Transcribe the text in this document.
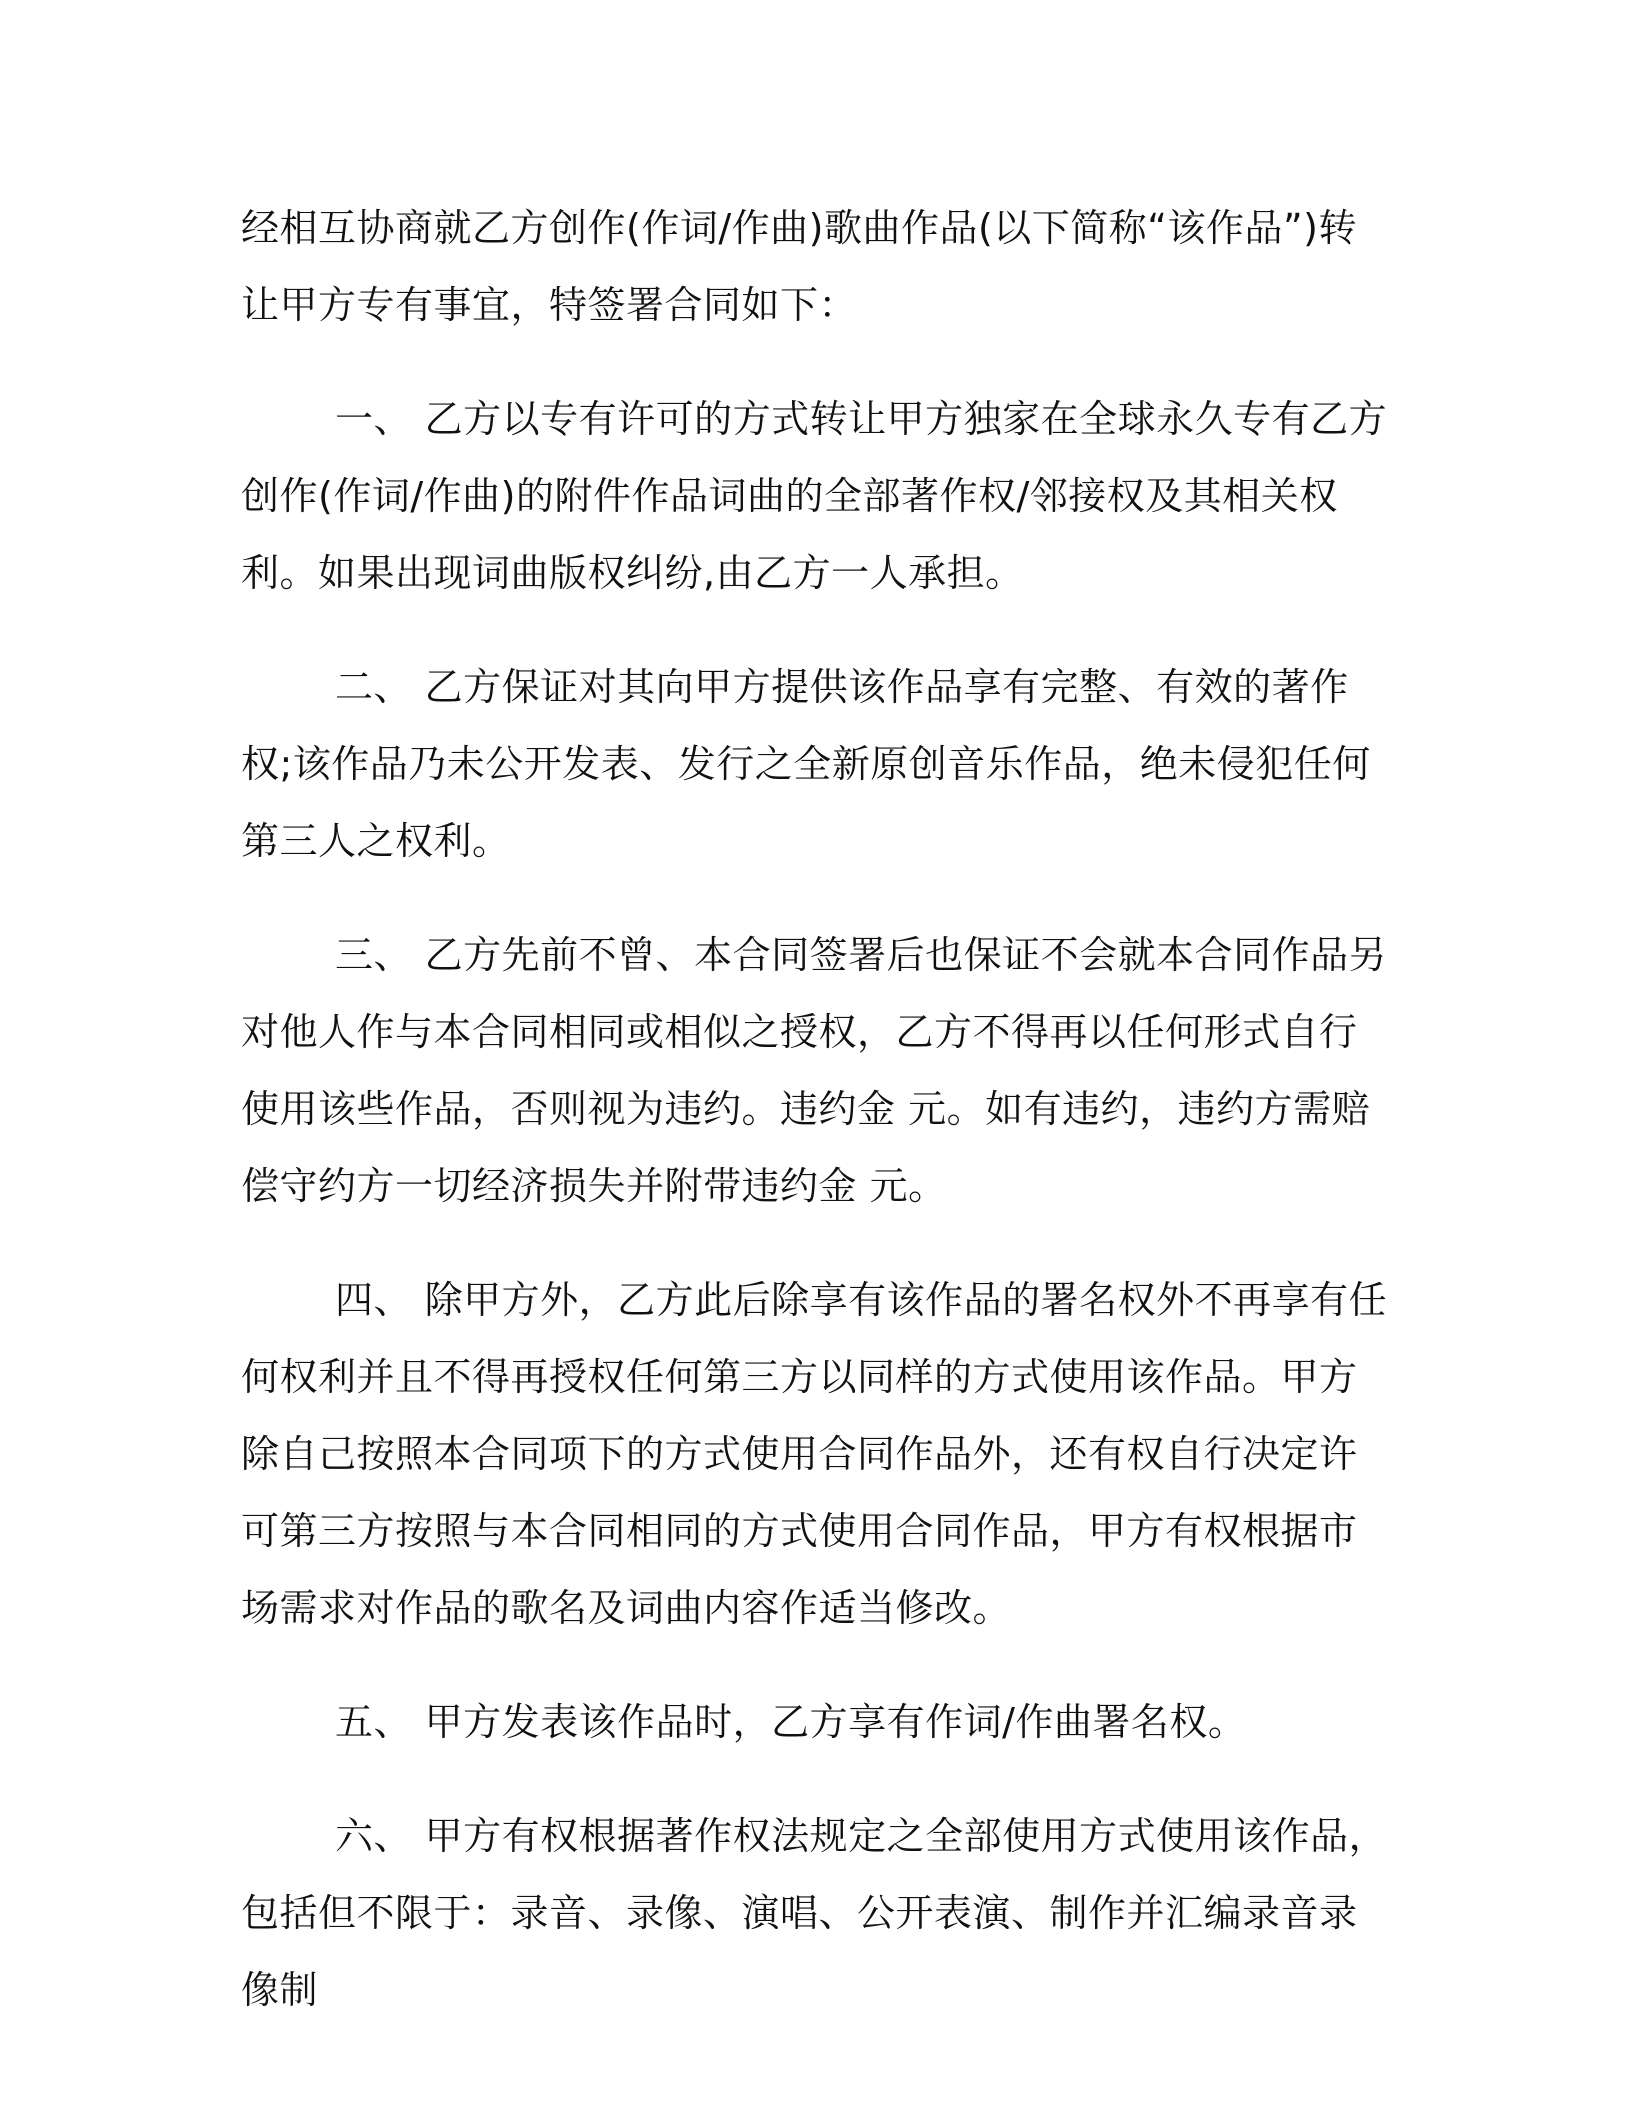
经相互协商就乙方创作(作词/作曲)歌曲作品(以下简称“该作品”)转让甲方专有事宜，特签署合同如下：

一、 乙方以专有许可的方式转让甲方独家在全球永久专有乙方创作(作词/作曲)的附件作品词曲的全部著作权/邻接权及其相关权利。如果出现词曲版权纠纷,由乙方一人承担。

二、 乙方保证对其向甲方提供该作品享有完整、有效的著作权;该作品乃未公开发表、发行之全新原创音乐作品，绝未侵犯任何第三人之权利。

三、 乙方先前不曾、本合同签署后也保证不会就本合同作品另对他人作与本合同相同或相似之授权，乙方不得再以任何形式自行使用该些作品，否则视为违约。违约金 元。如有违约，违约方需赔偿守约方一切经济损失并附带违约金 元。

四、 除甲方外，乙方此后除享有该作品的署名权外不再享有任何权利并且不得再授权任何第三方以同样的方式使用该作品。甲方除自己按照本合同项下的方式使用合同作品外，还有权自行决定许可第三方按照与本合同相同的方式使用合同作品，甲方有权根据市场需求对作品的歌名及词曲内容作适当修改。

五、 甲方发表该作品时，乙方享有作词/作曲署名权。

六、 甲方有权根据著作权法规定之全部使用方式使用该作品，包括但不限于：录音、录像、演唱、公开表演、制作并汇编录音录像制
